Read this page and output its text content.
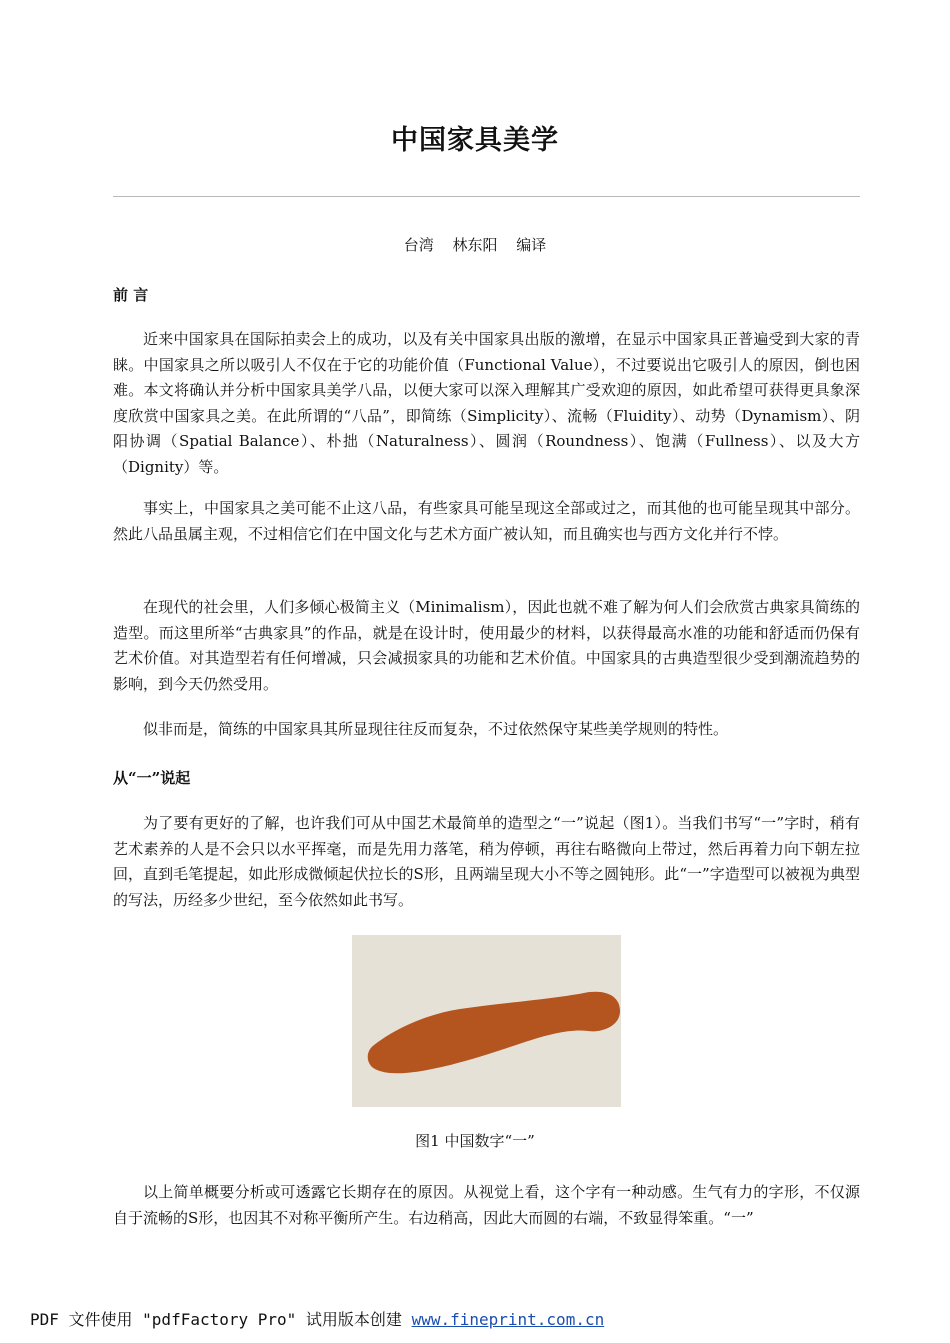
中国家具美学
台湾 林东阳 编译
前 言

近来中国家具在国际拍卖会上的成功，以及有关中国家具出版的激增，在显示中国家具正普遍受到大家的青睐。中国家具之所以吸引人不仅在于它的功能价值（Functional Value），不过要说出它吸引人的原因，倒也困难。本文将确认并分析中国家具美学八品，以便大家可以深入理解其广受欢迎的原因，如此希望可获得更具象深度欣赏中国家具之美。在此所谓的“八品”，即简练（Simplicity）、流畅（Fluidity）、动势（Dynamism）、阴阳协调（Spatial Balance）、朴拙（Naturalness）、圆润（Roundness）、饱满（Fullness）、以及大方（Dignity）等。

事实上，中国家具之美可能不止这八品，有些家具可能呈现这全部或过之，而其他的也可能呈现其中部分。然此八品虽属主观，不过相信它们在中国文化与艺术方面广被认知，而且确实也与西方文化并行不悖。

在现代的社会里，人们多倾心极简主义（Minimalism），因此也就不难了解为何人们会欣赏古典家具简练的造型。而这里所举“古典家具”的作品，就是在设计时，使用最少的材料，以获得最高水准的功能和舒适而仍保有艺术价值。对其造型若有任何增减，只会减损家具的功能和艺术价值。中国家具的古典造型很少受到潮流趋势的影响，到今天仍然受用。

似非而是，简练的中国家具其所显现往往反而复杂，不过依然保守某些美学规则的特性。

从“一”说起

为了要有更好的了解，也许我们可从中国艺术最简单的造型之“一”说起（图1）。当我们书写“一”字时，稍有艺术素养的人是不会只以水平挥毫，而是先用力落笔，稍为停顿，再往右略微向上带过，然后再着力向下朝左拉回，直到毛笔提起，如此形成微倾起伏拉长的S形，且两端呈现大小不等之圆钝形。此“一”字造型可以被视为典型的写法，历经多少世纪，至今依然如此书写。

图1 中国数字“一”

以上简单概要分析或可透露它长期存在的原因。从视觉上看，这个字有一种动感。生气有力的字形，不仅源自于流畅的S形，也因其不对称平衡所产生。右边稍高，因此大而圆的右端，不致显得笨重。“一”

PDF 文件使用 "pdfFactory Pro" 试用版本创建 www.fineprint.com.cn
